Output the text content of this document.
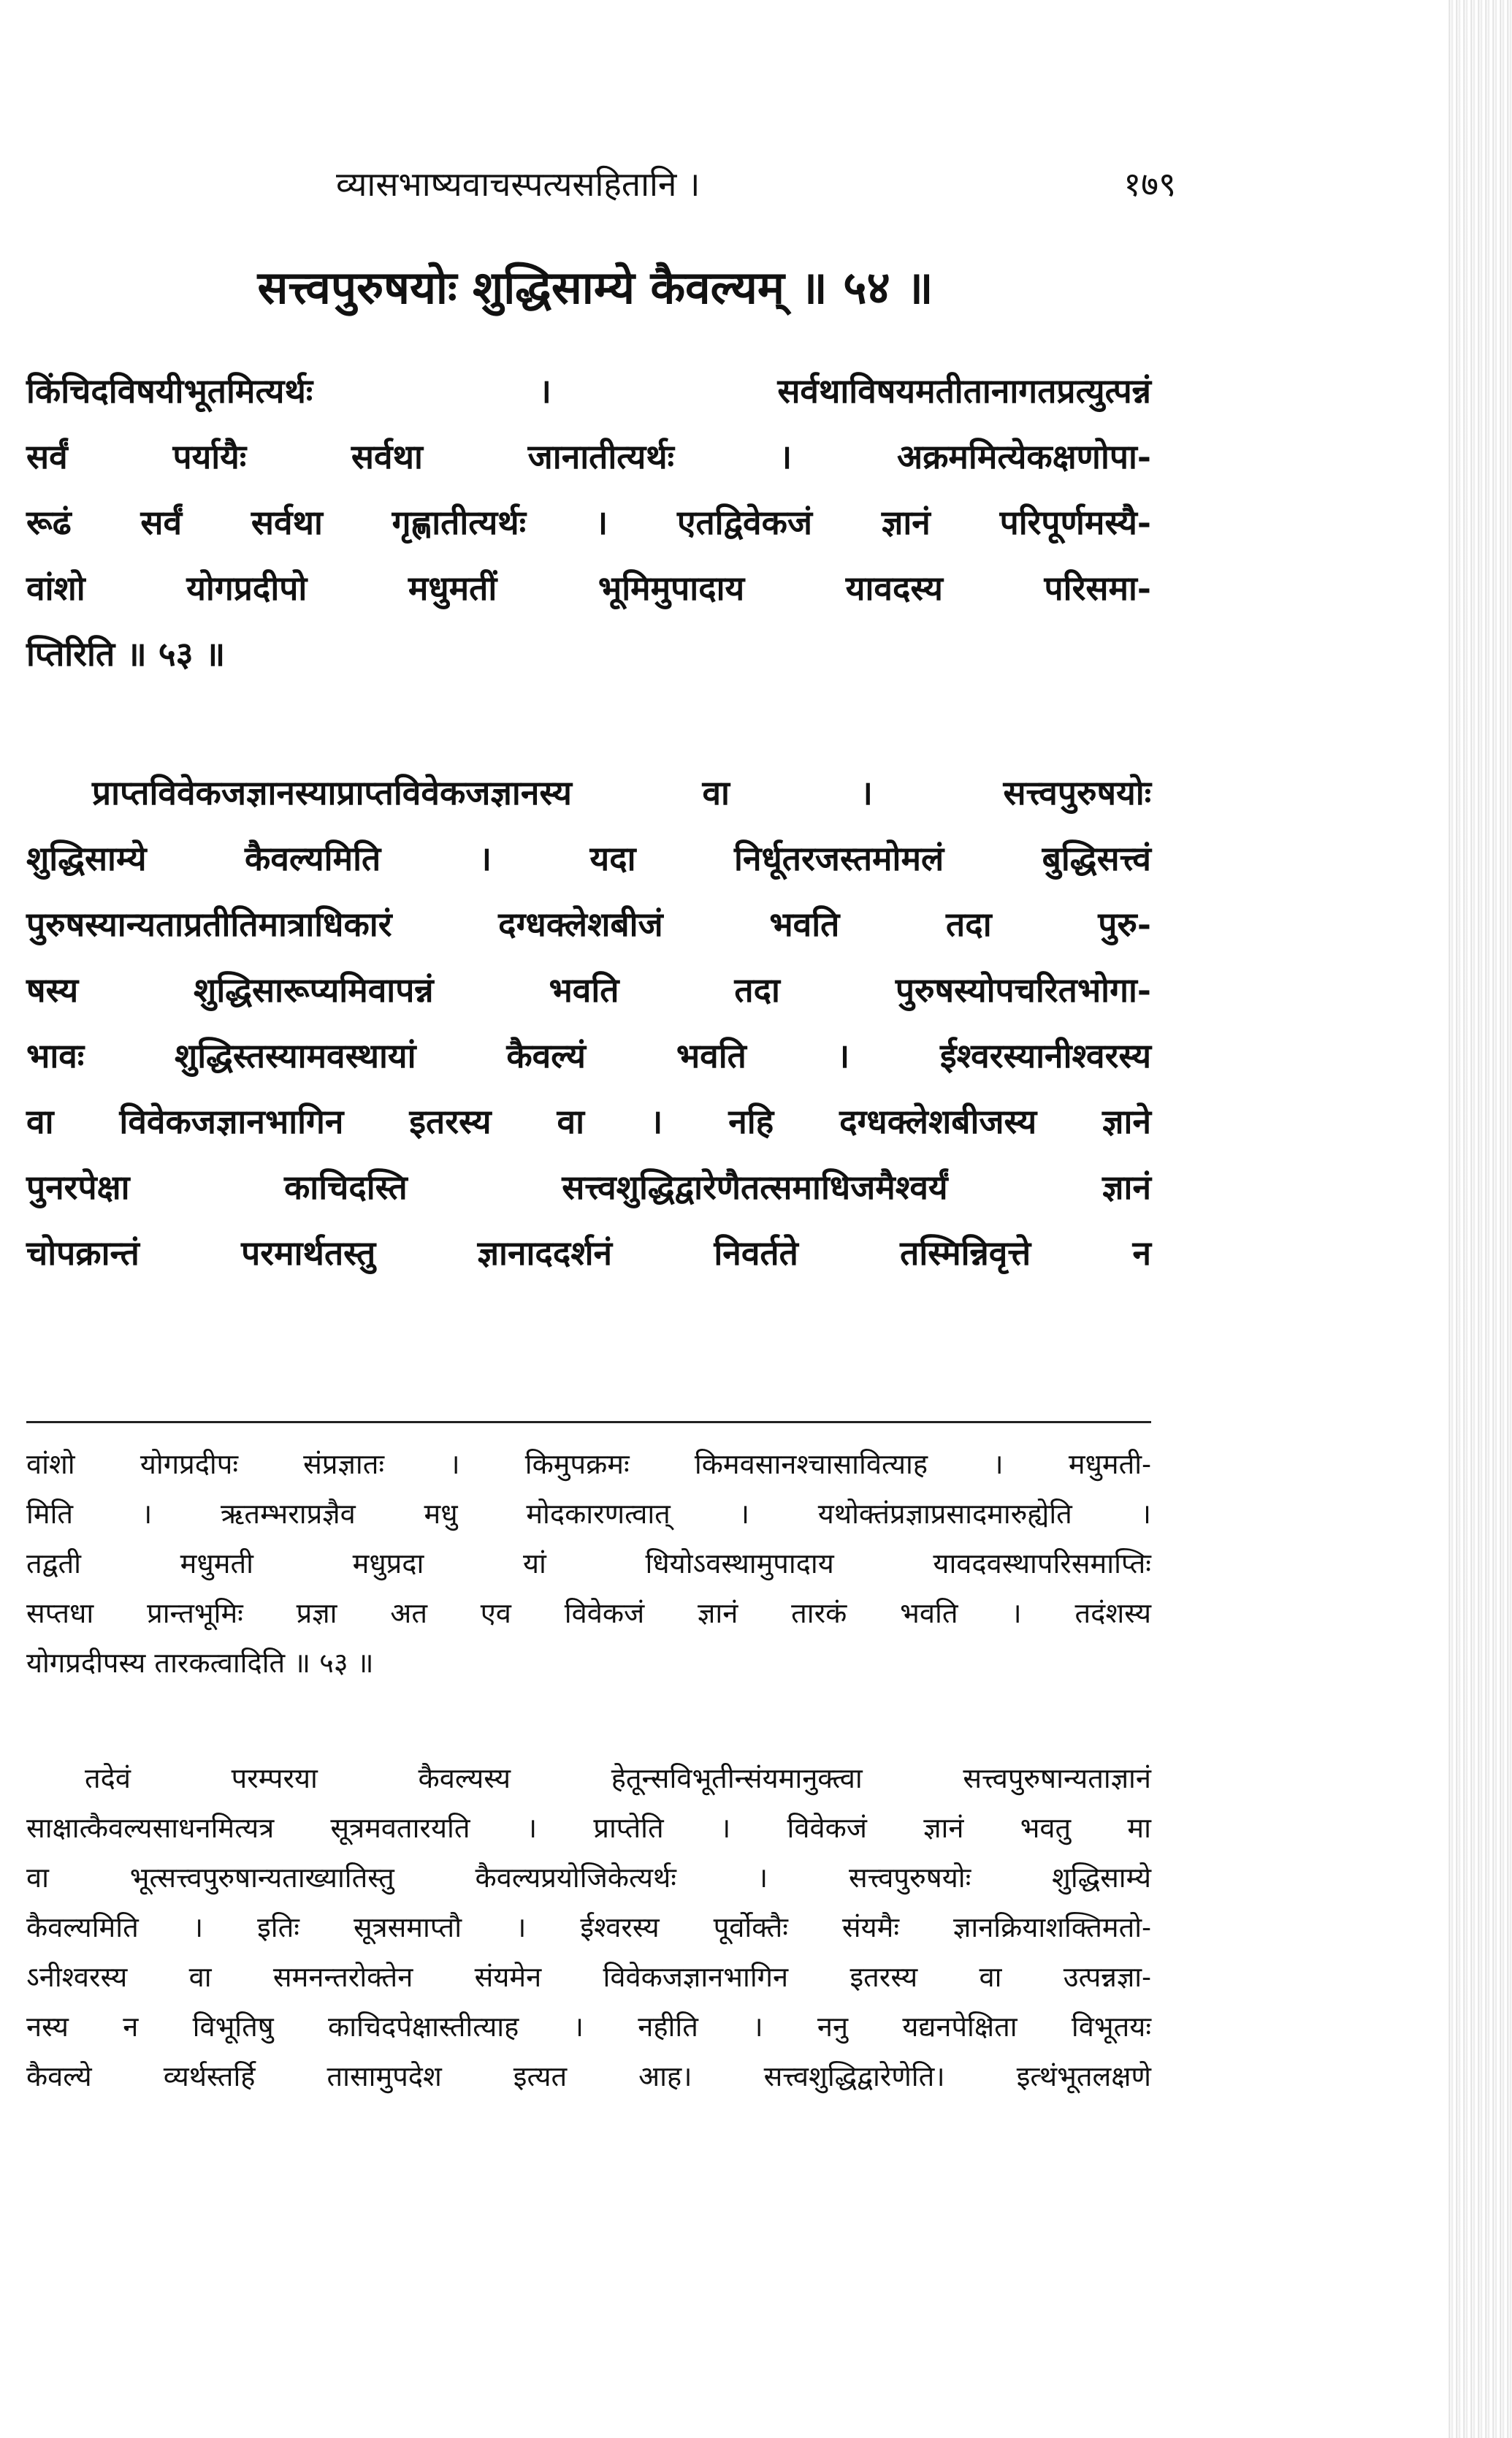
व्यासभाष्यवाचस्पत्यसहितानि ।	१७९
सत्त्वपुरुषयोः शुद्धिसाम्ये कैवल्यम् ॥ ५४ ॥
किंचिदविषयीभूतमित्यर्थः । सर्वथाविषयमतीतानागतप्रत्युत्पन्नं
सर्वं पर्यायैः सर्वथा जानातीत्यर्थः । अक्रममित्येकक्षणोपा-
रूढं सर्वं सर्वथा गृह्णातीत्यर्थः । एतद्विवेकजं ज्ञानं परिपूर्णमस्यै-
वांशो योगप्रदीपो मधुमतीं भूमिमुपादाय यावदस्य परिसमा-
प्तिरिति ॥ ५३ ॥
प्राप्तविवेकजज्ञानस्याप्राप्तविवेकजज्ञानस्य वा । सत्त्वपुरुषयोः
शुद्धिसाम्ये कैवल्यमिति । यदा निर्धूतरजस्तमोमलं बुद्धिसत्त्वं
पुरुषस्यान्यताप्रतीतिमात्राधिकारं दग्धक्लेशबीजं भवति तदा पुरु-
षस्य शुद्धिसारूप्यमिवापन्नं भवति तदा पुरुषस्योपचरितभोगा-
भावः शुद्धिस्तस्यामवस्थायां कैवल्यं भवति । ईश्वरस्यानीश्वरस्य
वा विवेकजज्ञानभागिन इतरस्य वा । नहि दग्धक्लेशबीजस्य ज्ञाने
पुनरपेक्षा काचिदस्ति सत्त्वशुद्धिद्वारेणैतत्समाधिजमैश्वर्यं ज्ञानं
चोपक्रान्तं परमार्थतस्तु ज्ञानाददर्शनं निवर्तते तस्मिन्निवृत्ते न
वांशो योगप्रदीपः संप्रज्ञातः । किमुपक्रमः किमवसानश्चासावित्याह । मधुमती-
मिति । ऋतम्भराप्रज्ञैव मधु मोदकारणत्वात् । यथोक्तंप्रज्ञाप्रसादमारुह्येति ।
तद्वती मधुमती मधुप्रदा यां धियोऽवस्थामुपादाय यावदवस्थापरिसमाप्तिः
सप्तधा प्रान्तभूमिः प्रज्ञा अत एव विवेकजं ज्ञानं तारकं भवति । तदंशस्य
योगप्रदीपस्य तारकत्वादिति ॥ ५३ ॥
तदेवं परम्परया कैवल्यस्य हेतून्सविभूतीन्संयमानुक्त्वा सत्त्वपुरुषान्यताज्ञानं
साक्षात्कैवल्यसाधनमित्यत्र सूत्रमवतारयति । प्राप्तेति । विवेकजं ज्ञानं भवतु मा
वा भूत्सत्त्वपुरुषान्यताख्यातिस्तु कैवल्यप्रयोजिकेत्यर्थः । सत्त्वपुरुषयोः शुद्धिसाम्ये
कैवल्यमिति । इतिः सूत्रसमाप्तौ । ईश्वरस्य पूर्वोक्तैः संयमैः ज्ञानक्रियाशक्तिमतो-
ऽनीश्वरस्य वा समनन्तरोक्तेन संयमेन विवेकजज्ञानभागिन इतरस्य वा उत्पन्नज्ञा-
नस्य न विभूतिषु काचिदपेक्षास्तीत्याह । नहीति । ननु यद्यनपेक्षिता विभूतयः
कैवल्ये व्यर्थस्तर्हि तासामुपदेश इत्यत आह। सत्त्वशुद्धिद्वारेणेति। इत्थंभूतलक्षणे
